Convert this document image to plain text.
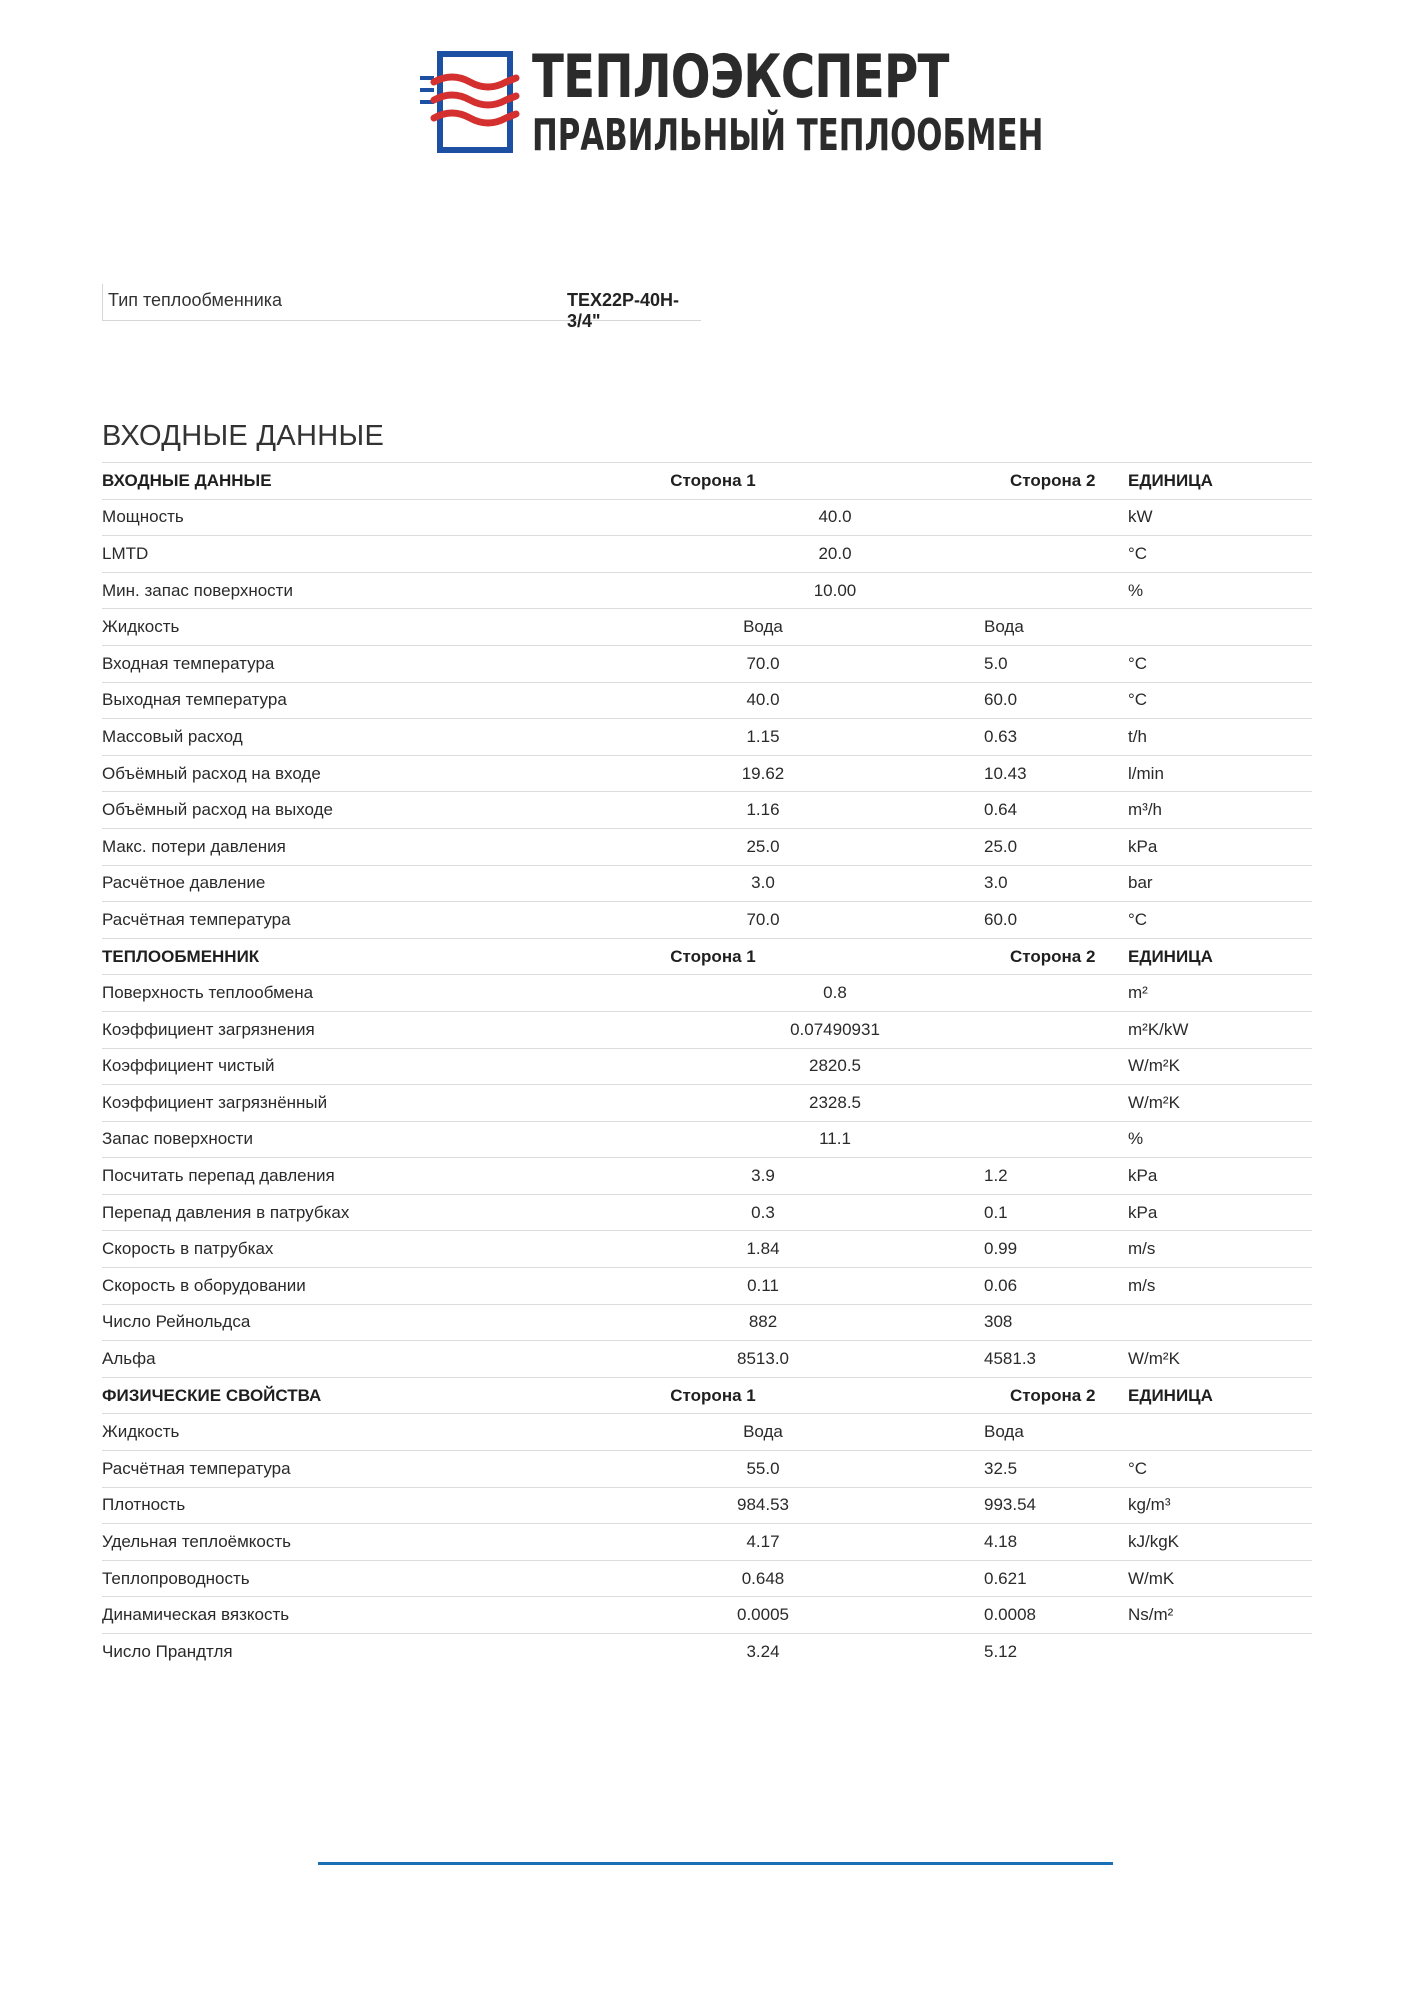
ТЕПЛОЭКСПЕРТ
ПРАВИЛЬНЫЙ ТЕПЛООБМЕН
Тип теплообменника	TEX22P-40H-3/4"
ВХОДНЫЕ ДАННЫЕ
ВХОДНЫЕ ДАННЫЕ	Сторона 1	Сторона 2	ЕДИНИЦА
Мощность	40.0		kW
LMTD	20.0		°C
Мин. запас поверхности	10.00		%
Жидкость	Вода	Вода	
Входная температура	70.0	5.0	°C
Выходная температура	40.0	60.0	°C
Массовый расход	1.15	0.63	t/h
Объёмный расход на входе	19.62	10.43	l/min
Объёмный расход на выходе	1.16	0.64	m³/h
Макс. потери давления	25.0	25.0	kPa
Расчётное давление	3.0	3.0	bar
Расчётная температура	70.0	60.0	°C
ТЕПЛООБМЕННИК	Сторона 1	Сторона 2	ЕДИНИЦА
Поверхность теплообмена	0.8		m²
Коэффициент загрязнения	0.07490931		m²K/kW
Коэффициент чистый	2820.5		W/m²K
Коэффициент загрязнённый	2328.5		W/m²K
Запас поверхности	11.1		%
Посчитать перепад давления	3.9	1.2	kPa
Перепад давления в патрубках	0.3	0.1	kPa
Скорость в патрубках	1.84	0.99	m/s
Скорость в оборудовании	0.11	0.06	m/s
Число Рейнольдса	882	308	
Альфа	8513.0	4581.3	W/m²K
ФИЗИЧЕСКИЕ СВОЙСТВА	Сторона 1	Сторона 2	ЕДИНИЦА
Жидкость	Вода	Вода	
Расчётная температура	55.0	32.5	°C
Плотность	984.53	993.54	kg/m³
Удельная теплоёмкость	4.17	4.18	kJ/kgK
Теплопроводность	0.648	0.621	W/mK
Динамическая вязкость	0.0005	0.0008	Ns/m²
Число Прандтля	3.24	5.12	
